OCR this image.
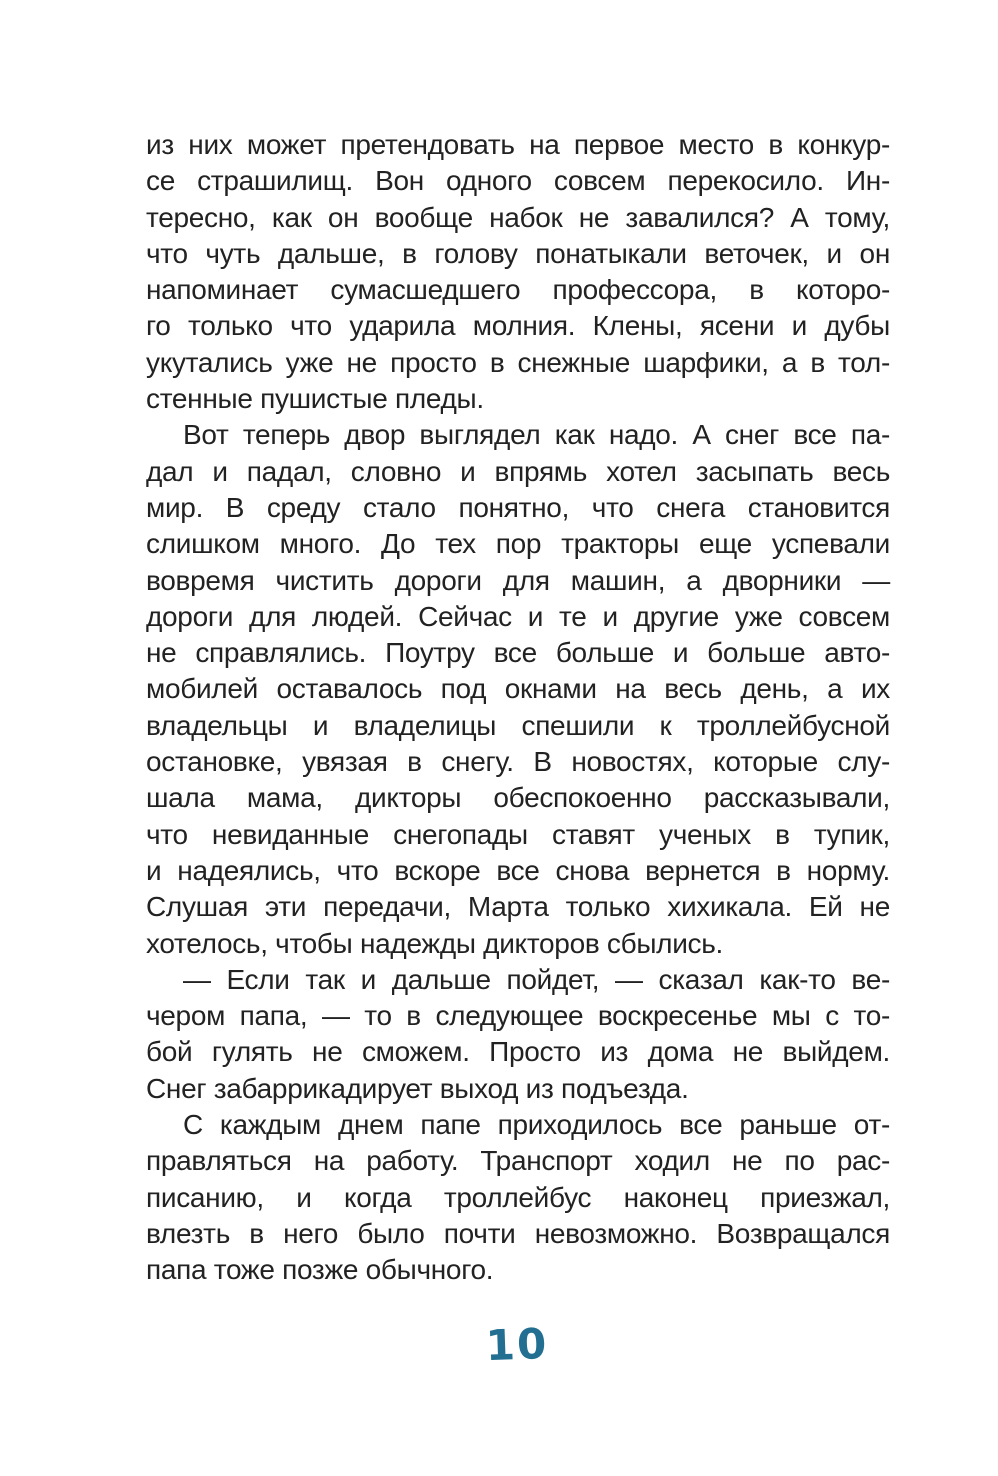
из них может претендовать на первое место в конкур-
се страшилищ. Вон одного совсем перекосило. Ин-
тересно, как он вообще набок не завалился? А тому,
что чуть дальше, в голову понатыкали веточек, и он
напоминает сумасшедшего профессора, в которо-
го только что ударила молния. Клены, ясени и дубы
укутались уже не просто в снежные шарфики, а в тол-
стенные пушистые пледы.
Вот теперь двор выглядел как надо. А снег все па-
дал и падал, словно и впрямь хотел засыпать весь
мир. В среду стало понятно, что снега становится
слишком много. До тех пор тракторы еще успевали
вовремя чистить дороги для машин, а дворники —
дороги для людей. Сейчас и те и другие уже совсем
не справлялись. Поутру все больше и больше авто-
мобилей оставалось под окнами на весь день, а их
владельцы и владелицы спешили к троллейбусной
остановке, увязая в снегу. В новостях, которые слу-
шала мама, дикторы обеспокоенно рассказывали,
что невиданные снегопады ставят ученых в тупик,
и надеялись, что вскоре все снова вернется в норму.
Слушая эти передачи, Марта только хихикала. Ей не
хотелось, чтобы надежды дикторов сбылись.
— Если так и дальше пойдет, — сказал как-то ве-
чером папа, — то в следующее воскресенье мы с то-
бой гулять не сможем. Просто из дома не выйдем.
Снег забаррикадирует выход из подъезда.
С каждым днем папе приходилось все раньше от-
правляться на работу. Транспорт ходил не по рас-
писанию, и когда троллейбус наконец приезжал,
влезть в него было почти невозможно. Возвращался
папа тоже позже обычного.
10
